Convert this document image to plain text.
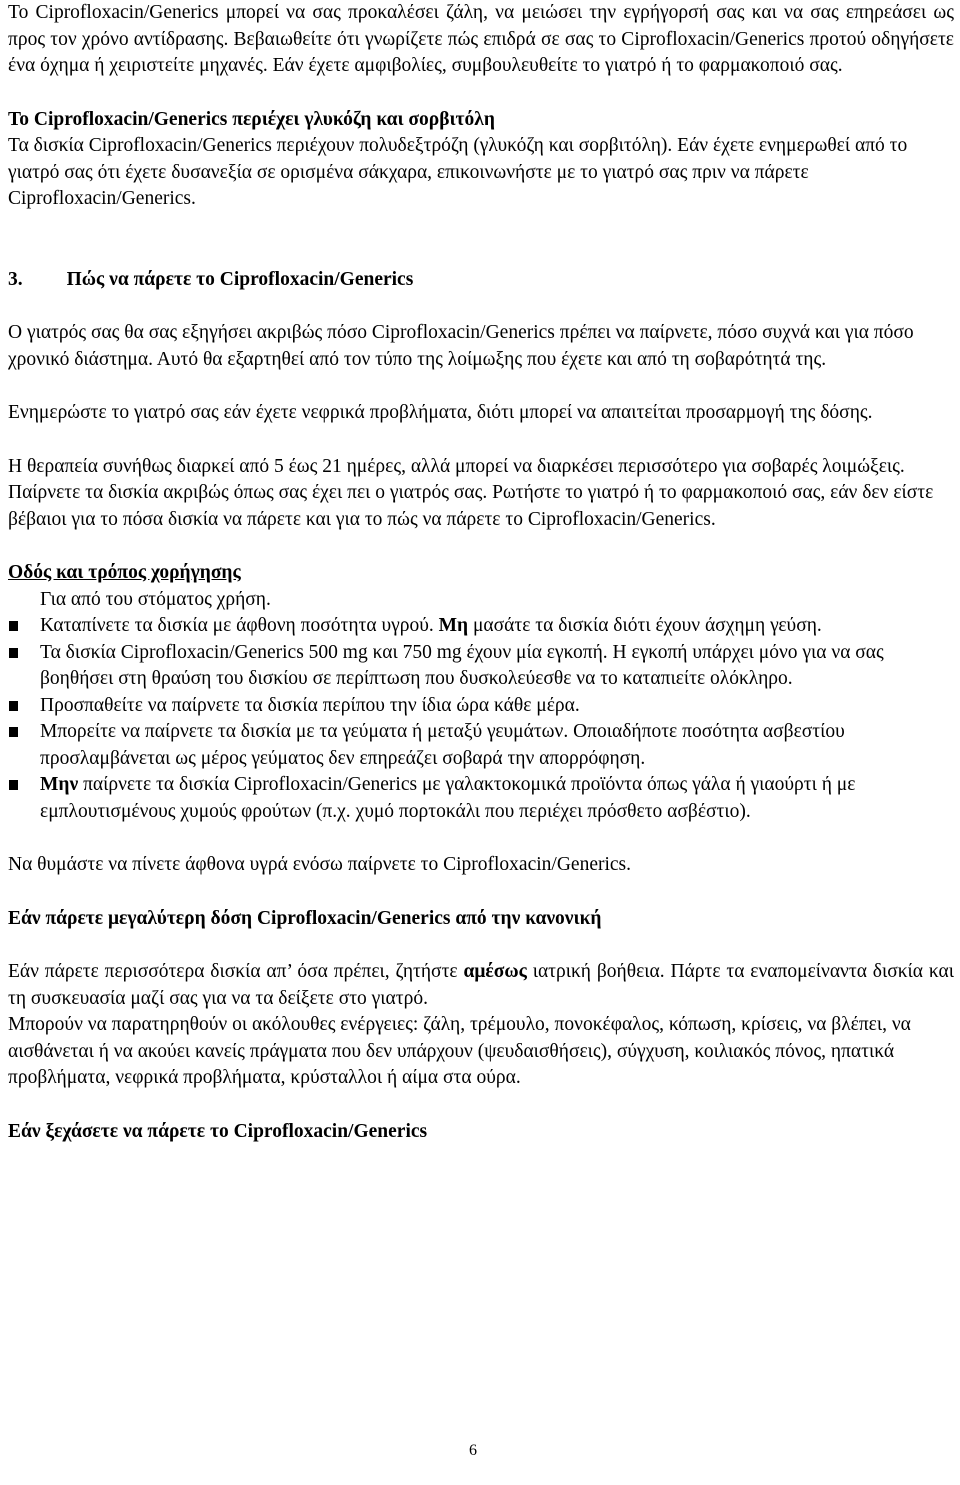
Το Ciprofloxacin/Generics μπορεί να σας προκαλέσει ζάλη, να μειώσει την εγρήγορσή σας και να σας επηρεάσει ως προς τον χρόνο αντίδρασης. Βεβαιωθείτε ότι γνωρίζετε πώς επιδρά σε σας το Ciprofloxacin/Generics προτού οδηγήσετε ένα όχημα ή χειριστείτε μηχανές. Εάν έχετε αμφιβολίες, συμβουλευθείτε το γιατρό ή το φαρμακοποιό σας.

Το Ciprofloxacin/Generics περιέχει γλυκόζη και σορβιτόλη

Τα δισκία Ciprofloxacin/Generics περιέχουν πολυδεξτρόζη (γλυκόζη και σορβιτόλη). Εάν έχετε ενημερωθεί από το γιατρό σας ότι έχετε δυσανεξία σε ορισμένα σάκχαρα, επικοινωνήστε με το γιατρό σας πριν να πάρετε Ciprofloxacin/Generics.

3. Πώς να πάρετε το Ciprofloxacin/Generics

Ο γιατρός σας θα σας εξηγήσει ακριβώς πόσο Ciprofloxacin/Generics πρέπει να παίρνετε, πόσο συχνά και για πόσο χρονικό διάστημα. Αυτό θα εξαρτηθεί από τον τύπο της λοίμωξης που έχετε και από τη σοβαρότητά της.

Ενημερώστε το γιατρό σας εάν έχετε νεφρικά προβλήματα, διότι μπορεί να απαιτείται προσαρμογή της δόσης.

Η θεραπεία συνήθως διαρκεί από 5 έως 21 ημέρες, αλλά μπορεί να διαρκέσει περισσότερο για σοβαρές λοιμώξεις. Παίρνετε τα δισκία ακριβώς όπως σας έχει πει ο γιατρός σας. Ρωτήστε το γιατρό ή το φαρμακοποιό σας, εάν δεν είστε βέβαιοι για το πόσα δισκία να πάρετε και για το πώς να πάρετε το Ciprofloxacin/Generics.

Οδός και τρόπος χορήγησης

Για από του στόματος χρήση.

Καταπίνετε τα δισκία με άφθονη ποσότητα υγρού. Μη μασάτε τα δισκία διότι έχουν άσχημη γεύση.
Τα δισκία Ciprofloxacin/Generics 500 mg και 750 mg έχουν μία εγκοπή. Η εγκοπή υπάρχει μόνο για να σας βοηθήσει στη θραύση του δισκίου σε περίπτωση που δυσκολεύεσθε να το καταπιείτε ολόκληρο.
Προσπαθείτε να παίρνετε τα δισκία περίπου την ίδια ώρα κάθε μέρα.
Μπορείτε να παίρνετε τα δισκία με τα γεύματα ή μεταξύ γευμάτων. Οποιαδήποτε ποσότητα ασβεστίου προσλαμβάνεται ως μέρος γεύματος δεν επηρεάζει σοβαρά την απορρόφηση.
Μην παίρνετε τα δισκία Ciprofloxacin/Generics με γαλακτοκομικά προϊόντα όπως γάλα ή γιαούρτι ή με εμπλουτισμένους χυμούς φρούτων (π.χ. χυμό πορτοκάλι που περιέχει πρόσθετο ασβέστιο).

Να θυμάστε να πίνετε άφθονα υγρά ενόσω παίρνετε το Ciprofloxacin/Generics.

Εάν πάρετε μεγαλύτερη δόση Ciprofloxacin/Generics από την κανονική

Εάν πάρετε περισσότερα δισκία απ’ όσα πρέπει, ζητήστε αμέσως ιατρική βοήθεια. Πάρτε τα εναπομείναντα δισκία και τη συσκευασία μαζί σας για να τα δείξετε στο γιατρό.

Μπορούν να παρατηρηθούν οι ακόλουθες ενέργειες: ζάλη, τρέμουλο, πονοκέφαλος, κόπωση, κρίσεις, να βλέπει, να αισθάνεται ή να ακούει κανείς πράγματα που δεν υπάρχουν (ψευδαισθήσεις), σύγχυση, κοιλιακός πόνος, ηπατικά προβλήματα, νεφρικά προβλήματα, κρύσταλλοι ή αίμα στα ούρα.

Εάν ξεχάσετε να πάρετε το Ciprofloxacin/Generics

6
